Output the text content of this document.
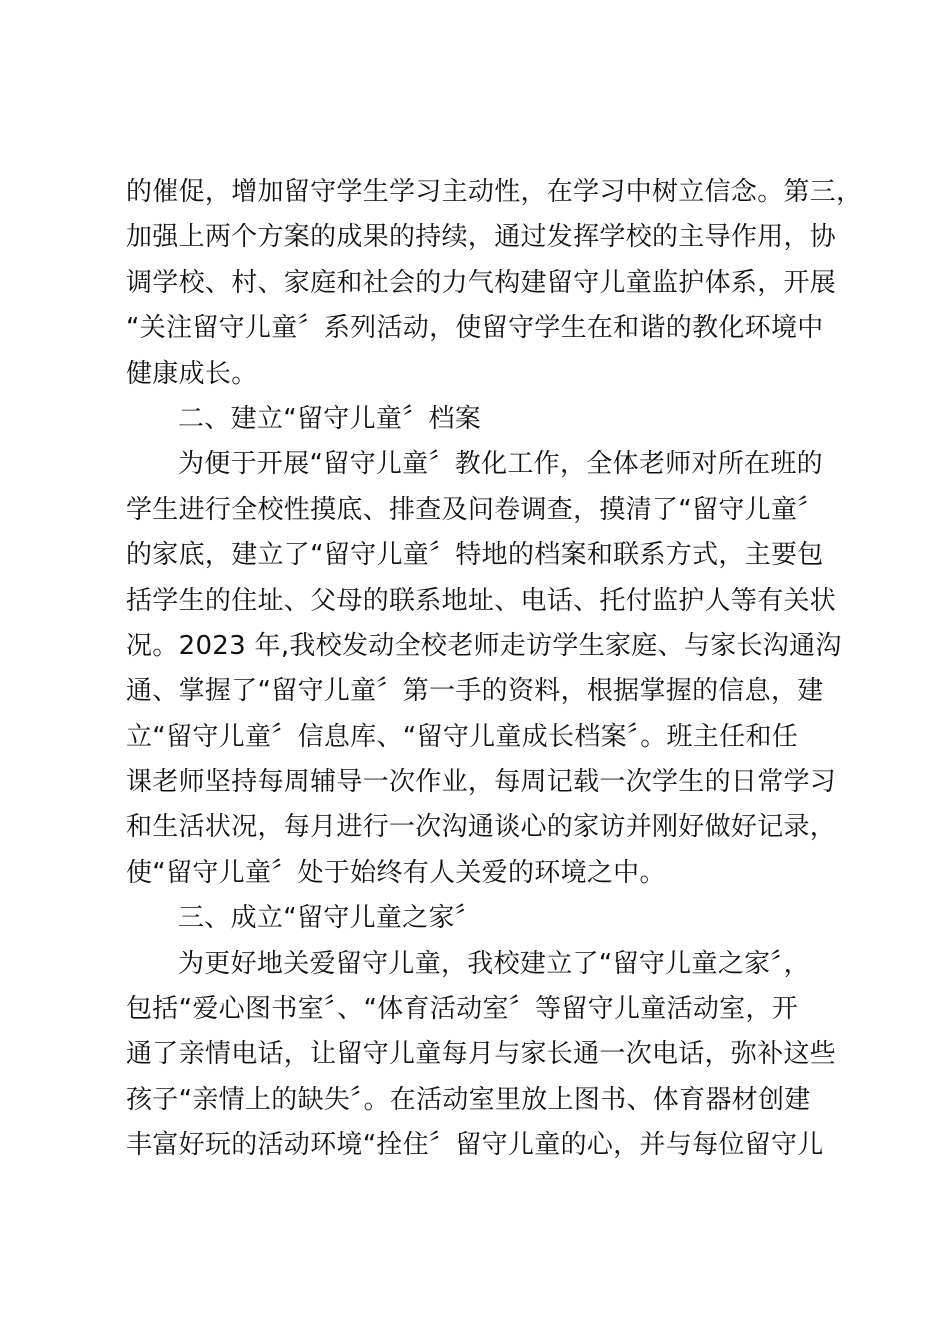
的催促，增加留守学生学习主动性，在学习中树立信念。第三，
加强上两个方案的成果的持续，通过发挥学校的主导作用，协
调学校、村、家庭和社会的力气构建留守儿童监护体系，开展
“关注留守儿童〞系列活动，使留守学生在和谐的教化环境中
健康成长。
二、建立“留守儿童〞档案
为便于开展“留守儿童〞教化工作，全体老师对所在班的
学生进行全校性摸底、排查及问卷调查，摸清了“留守儿童〞
的家底，建立了“留守儿童〞特地的档案和联系方式，主要包
括学生的住址、父母的联系地址、电话、托付监护人等有关状
况。2023 年,我校发动全校老师走访学生家庭、与家长沟通沟
通、掌握了“留守儿童〞第一手的资料，根据掌握的信息，建
立“留守儿童〞信息库、“留守儿童成长档案〞。班主任和任
课老师坚持每周辅导一次作业，每周记载一次学生的日常学习
和生活状况，每月进行一次沟通谈心的家访并刚好做好记录，
使“留守儿童〞处于始终有人关爱的环境之中。
三、成立“留守儿童之家〞
为更好地关爱留守儿童，我校建立了“留守儿童之家〞，
包括“爱心图书室〞、“体育活动室〞等留守儿童活动室，开
通了亲情电话，让留守儿童每月与家长通一次电话，弥补这些
孩子“亲情上的缺失〞。在活动室里放上图书、体育器材创建
丰富好玩的活动环境“拴住〞留守儿童的心，并与每位留守儿
